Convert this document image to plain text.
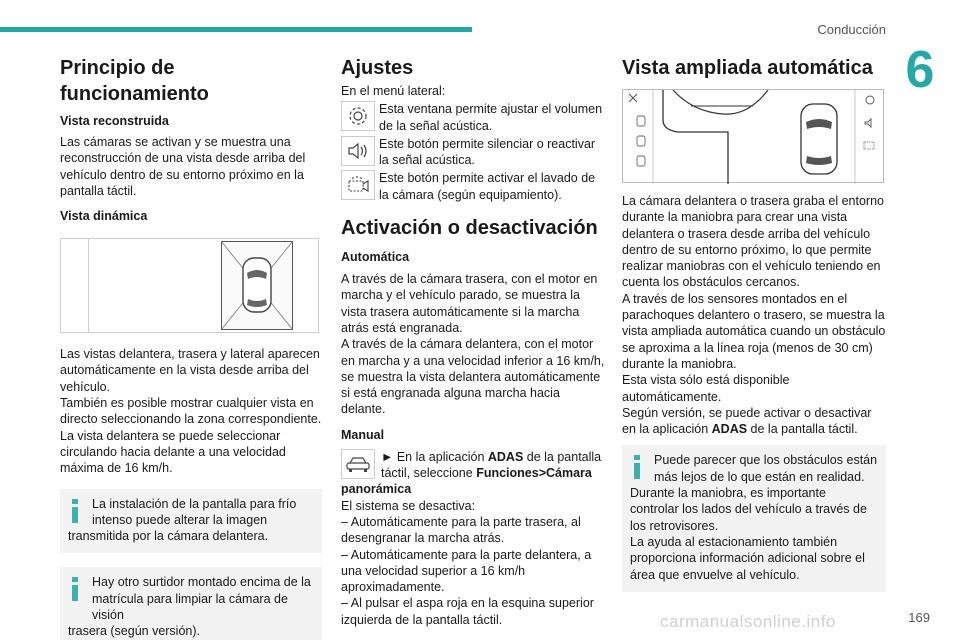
Conducción
6
Principio de funcionamiento
Vista reconstruida

Las cámaras se activan y se muestra una reconstrucción de una vista desde arriba del vehículo dentro de su entorno próximo en la pantalla táctil.

Vista dinámica

Las vistas delantera, trasera y lateral aparecen automáticamente en la vista desde arriba del vehículo.
También es posible mostrar cualquier vista en directo seleccionando la zona correspondiente.
La vista delantera se puede seleccionar circulando hacia delante a una velocidad máxima de 16 km/h.

La instalación de la pantalla para frío

intenso puede alterar la imagen

transmitida por la cámara delantera.

Hay otro surtidor montado encima de la

matrícula para limpiar la cámara de visión

trasera (según versión).

Ajustes

En el menú lateral:

Esta ventana permite ajustar el volumen de la señal acústica.

Este botón permite silenciar o reactivar la señal acústica.

Este botón permite activar el lavado de la cámara (según equipamiento).

Activación o desactivación
Automática

A través de la cámara trasera, con el motor en marcha y el vehículo parado, se muestra la vista trasera automáticamente si la marcha atrás está engranada.
A través de la cámara delantera, con el motor en marcha y a una velocidad inferior a 16 km/h, se muestra la vista delantera automáticamente si está engranada alguna marcha hacia delante.

Manual

► En la aplicación ADAS de la pantalla táctil, seleccione Funciones>Cámara panorámica

El sistema se desactiva:
– Automáticamente para la parte trasera, al desengranar la marcha atrás.
– Automáticamente para la parte delantera, a una velocidad superior a 16 km/h aproximadamente.
– Al pulsar el aspa roja en la esquina superior izquierda de la pantalla táctil.

Vista ampliada automática

La cámara delantera o trasera graba el entorno durante la maniobra para crear una vista delantera o trasera desde arriba del vehículo dentro de su entorno próximo, lo que permite realizar maniobras con el vehículo teniendo en cuenta los obstáculos cercanos.
A través de los sensores montados en el parachoques delantero o trasero, se muestra la vista ampliada automática cuando un obstáculo se aproxima a la línea roja (menos de 30 cm) durante la maniobra.
Esta vista sólo está disponible automáticamente.

Según versión, se puede activar o desactivar en la aplicación ADAS de la pantalla táctil.

Puede parecer que los obstáculos están

más lejos de lo que están en realidad.

Durante la maniobra, es importante controlar los lados del vehículo a través de los retrovisores.
La ayuda al estacionamiento también proporciona información adicional sobre el área que envuelve al vehículo.

169
carmanualsonline.info
